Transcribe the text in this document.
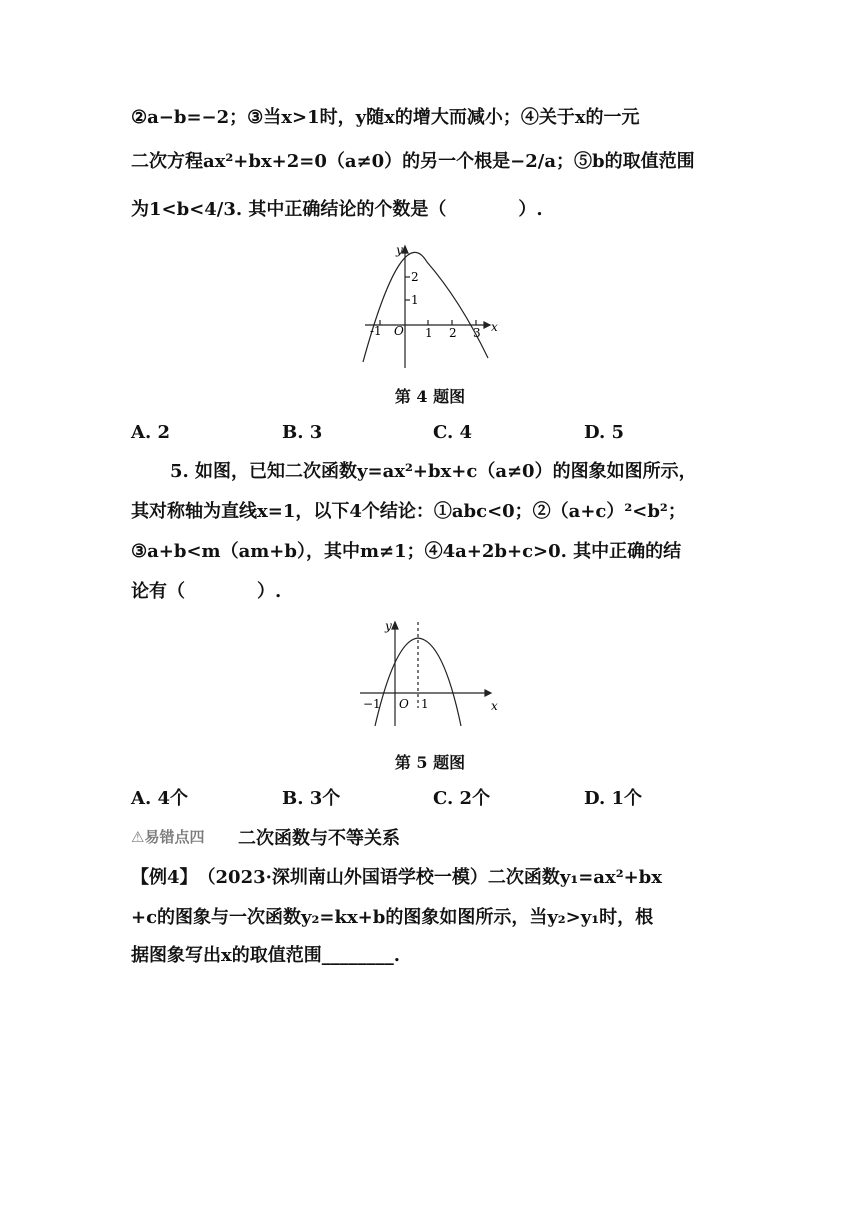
②a−b=−2；③当x>1时，y随x的增大而减小；④关于x的一元
二次方程ax²+bx+2=0（a≠0）的另一个根是−2/a；⑤b的取值范围
为1<b<4/3. 其中正确结论的个数是（　　　　）.
y
x
O
-1	1 2 3
1
2
第 4 题图
A. 2	B. 3	C. 4	D. 5
5. 如图，已知二次函数y=ax²+bx+c（a≠0）的图象如图所示，
其对称轴为直线x=1，以下4个结论：①abc<0；②（a+c）²<b²；
③a+b<m（am+b），其中m≠1；④4a+2b+c>0. 其中正确的结
论有（　　　　）.
y
x
O
−1	1
第 5 题图
A. 4个	B. 3个	C. 2个	D. 1个
⚠易错点四 二次函数与不等关系
【例4】　（2023·深圳南山外国语学校一模）二次函数y₁=ax²+bx
+c的图象与一次函数y₂=kx+b的图象如图所示，当y₂>y₁时，根
据图象写出x的取值范围________.
